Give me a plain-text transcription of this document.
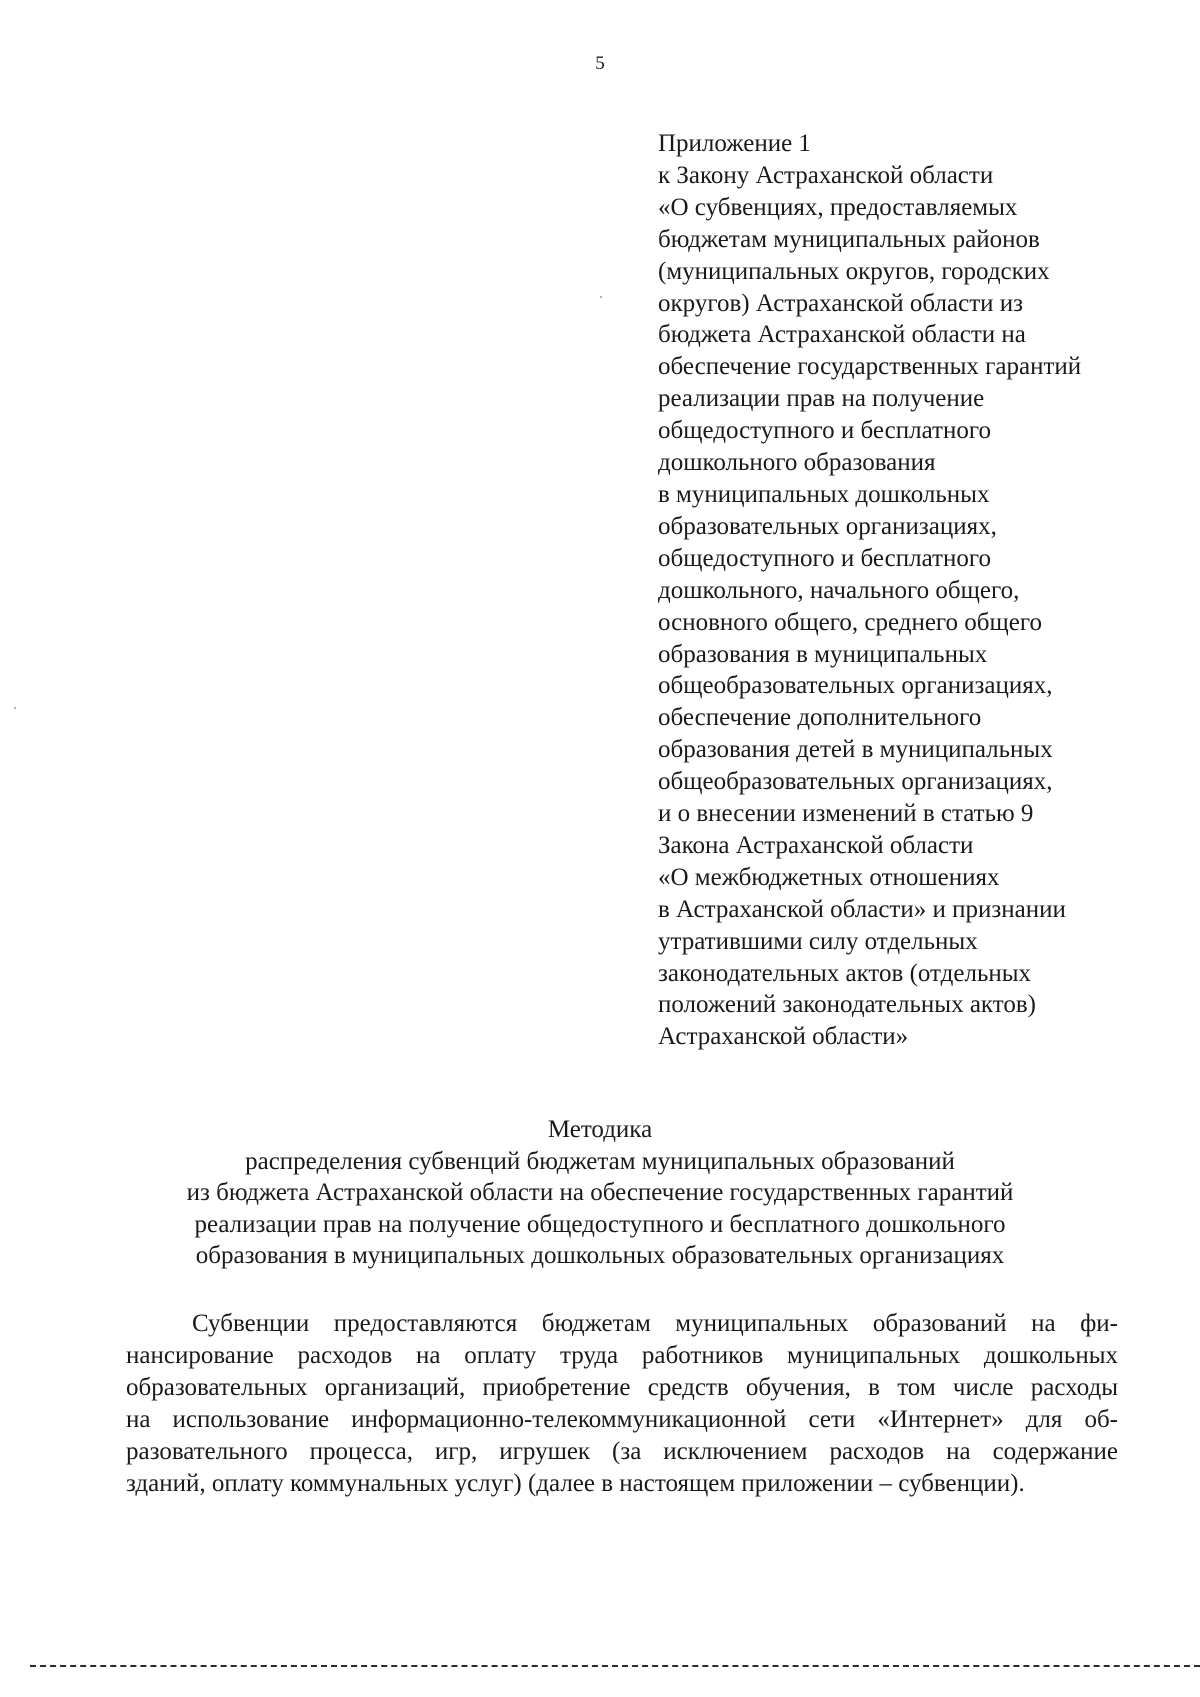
5
Приложение 1
к Закону Астраханской области
«О субвенциях, предоставляемых
бюджетам муниципальных районов
(муниципальных округов, городских
округов) Астраханской области из
бюджета Астраханской области на
обеспечение государственных гарантий
реализации прав на получение
общедоступного и бесплатного
дошкольного образования
в муниципальных дошкольных
образовательных организациях,
общедоступного и бесплатного
дошкольного, начального общего,
основного общего, среднего общего
образования в муниципальных
общеобразовательных организациях,
обеспечение дополнительного
образования детей в муниципальных
общеобразовательных организациях,
и о внесении изменений в статью 9
Закона Астраханской области
«О межбюджетных отношениях
в Астраханской области» и признании
утратившими силу отдельных
законодательных актов (отдельных
положений законодательных актов)
Астраханской области»
Методика
распределения субвенций бюджетам муниципальных образований
из бюджета Астраханской области на обеспечение государственных гарантий
реализации прав на получение общедоступного и бесплатного дошкольного
образования в муниципальных дошкольных образовательных организациях
Субвенции предоставляются бюджетам муниципальных образований на фи-
нансирование расходов на оплату труда работников муниципальных дошкольных
образовательных организаций, приобретение средств обучения, в том числе расходы
на использование информационно-телекоммуникационной сети «Интернет» для об-
разовательного процесса, игр, игрушек (за исключением расходов на содержание
зданий, оплату коммунальных услуг) (далее в настоящем приложении – субвенции).
